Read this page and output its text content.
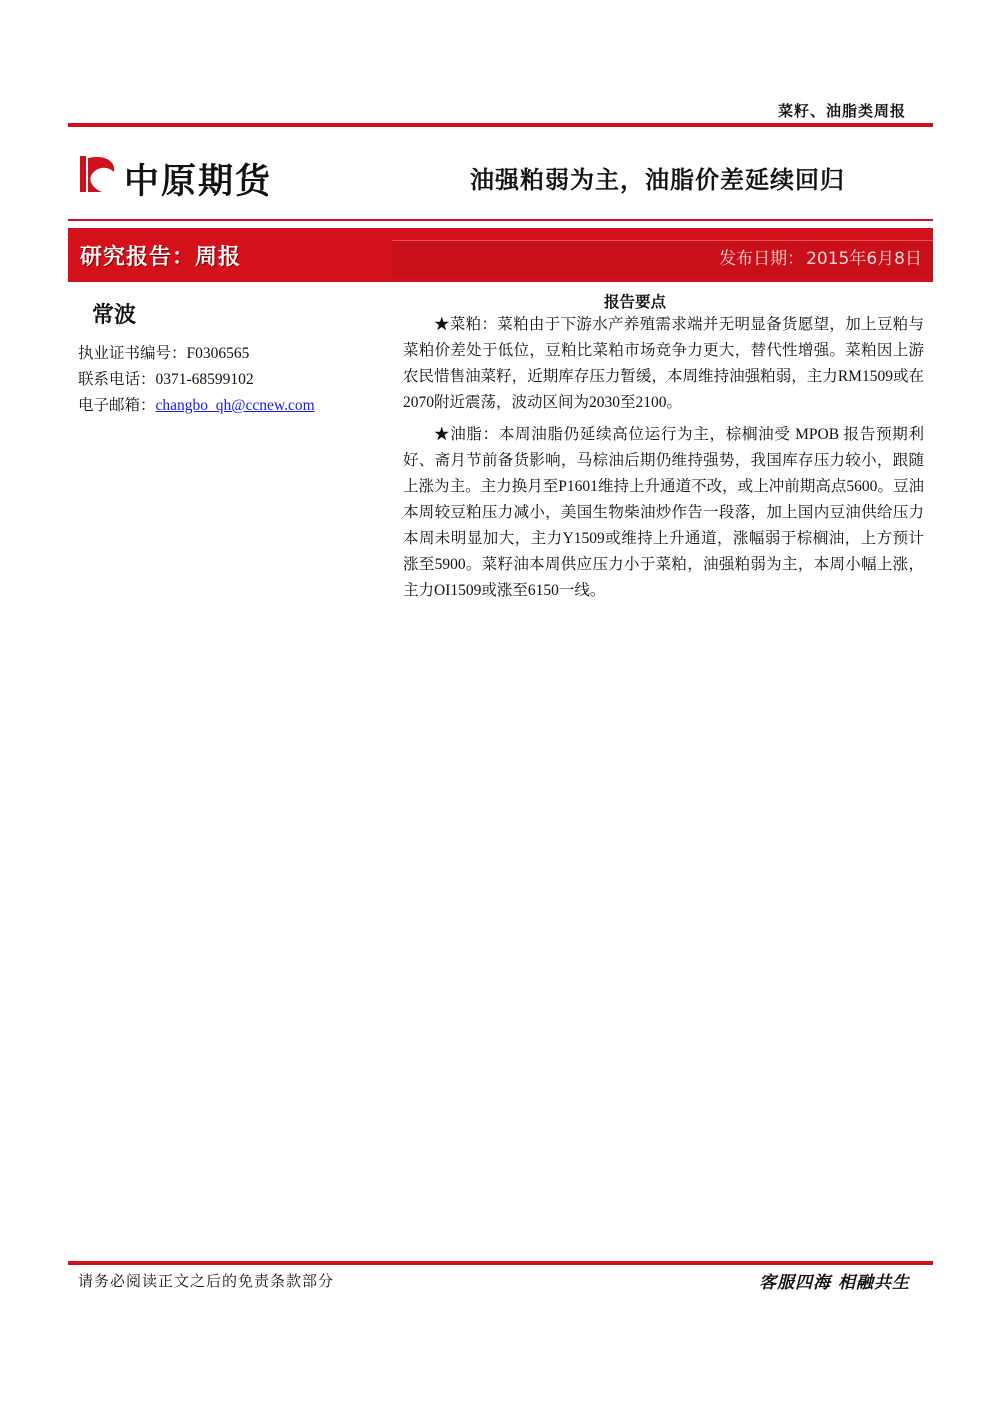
菜籽、油脂类周报
中原期货	油强粕弱为主，油脂价差延续回归
研究报告：周报	发布日期： 2015年6月8日
常波
执业证书编号：F0306565
联系电话：0371-68599102
电子邮箱：changbo_qh@ccnew.com
报告要点

★菜粕：菜粕由于下游水产养殖需求端并无明显备货愿望，加上豆粕与菜粕价差处于低位，豆粕比菜粕市场竞争力更大，替代性增强。菜粕因上游农民惜售油菜籽，近期库存压力暂缓，本周维持油强粕弱，主力RM1509或在2070附近震荡，波动区间为2030至2100。

★油脂：本周油脂仍延续高位运行为主，棕榈油受 MPOB 报告预期利好、斋月节前备货影响，马棕油后期仍维持强势，我国库存压力较小，跟随上涨为主。主力换月至P1601维持上升通道不改，或上冲前期高点5600。豆油本周较豆粕压力减小，美国生物柴油炒作告一段落，加上国内豆油供给压力本周未明显加大，主力Y1509或维持上升通道，涨幅弱于棕榈油，上方预计涨至5900。菜籽油本周供应压力小于菜粕，油强粕弱为主，本周小幅上涨，主力OI1509或涨至6150一线。

请务必阅读正文之后的免责条款部分	客服四海 相融共生
